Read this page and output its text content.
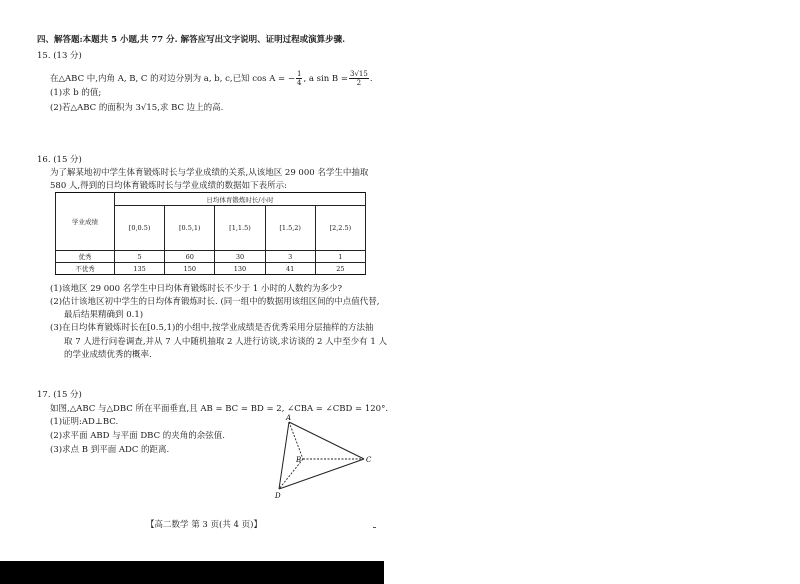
四、解答题:本题共 5 小题,共 77 分. 解答应写出文字说明、证明过程或演算步骤.
15. (13 分)
在△ABC 中,内角 A, B, C 的对边分别为 a, b, c,已知 cos A = − $\frac{1}{4}$ , a $\sin B = \frac{3√15}{2}$ .
(1)求 b 的值;
(2)若△ABC 的面积为 3√15,求 BC 边上的高.
16. (15 分)
为了解某地初中学生体育锻炼时长与学业成绩的关系,从该地区 29 000 名学生中抽取
580 人,得到的日均体育锻炼时长与学业成绩的数据如下表所示:
学业成绩	日均体育锻炼时长/小时				
	[0,0.5)	[0.5,1)	[1,1.5)	[1.5,2)	[2,2.5)
优秀	5	60	30	3	1
不优秀	135	150	130	41	25
(1)该地区 29 000 名学生中日均体育锻炼时长不少于 1 小时的人数约为多少?
(2)估计该地区初中学生的日均体育锻炼时长. (同一组中的数据用该组区间的中点值代替,
最后结果精确到 0.1)
(3)在日均体育锻炼时长在[0.5,1)的小组中,按学业成绩是否优秀采用分层抽样的方法抽
取 7 人进行问卷调查,并从 7 人中随机抽取 2 人进行访谈,求访谈的 2 人中至少有 1 人
的学业成绩优秀的概率.
17. (15 分)
如图,△ABC 与△DBC 所在平面垂直,且 AB = BC = BD = 2, ∠CBA = ∠CBD = 120°.
(1)证明:AD⊥BC.
(2)求平面 ABD 与平面 DBC 的夹角的余弦值.
(3)求点 B 到平面 ADC 的距离.
A
B	C
D
【高二数学 第 3 页(共 4 页)】
